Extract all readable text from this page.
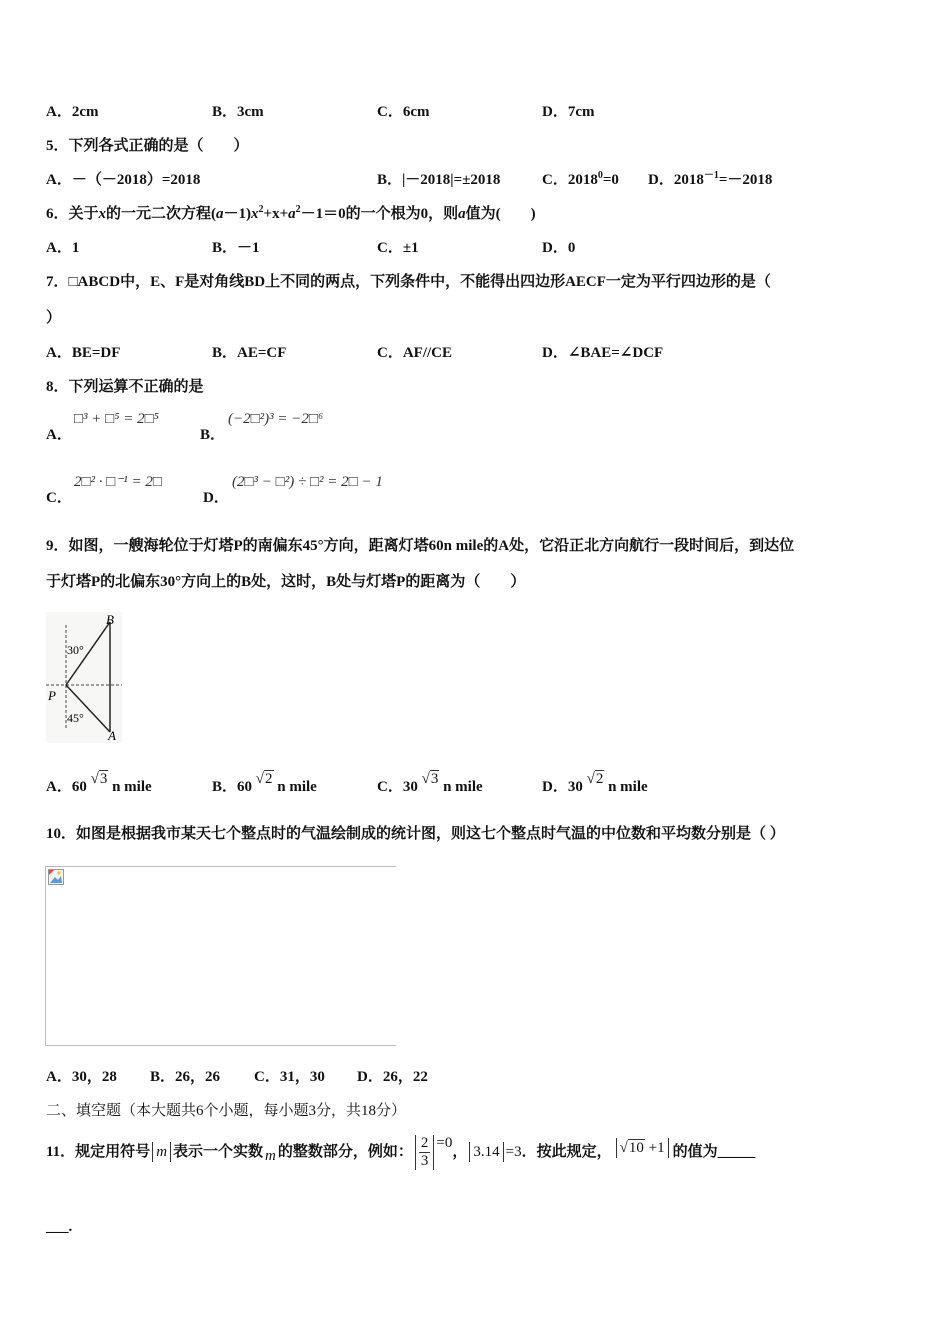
A．2cm	B．3cm	C．6cm	D．7cm
5．下列各式正确的是（　　）
A．－（－2018）=2018	B．|－2018|=±2018	C．$2018^0=0$ D．$2018^{-1}=-2018$
6．关于x的一元二次方程$(a-1)x^2+x+a^2-1=0$的一个根为0，则a值为(　　)
A．1	B．－1	C．±1	D．0
7．□ABCD中，E、F是对角线BD上不同的两点，下列条件中，不能得出四边形AECF一定为平行四边形的是（
）
A．BE=DF	B．AE=CF	C．AF//CE	D．∠BAE=∠DCF
8．下列运算不正确的是
A．
□³ + □⁵ = 2□⁵
B．
(−2□²)³ = −2□⁶
C．
2□² · □⁻¹ = 2□
D．
(2□³ − □²) ÷ □² = 2□ − 1
9．如图，一艘海轮位于灯塔P的南偏东45°方向，距离灯塔60n mile的A处，它沿正北方向航行一段时间后，到达位
于灯塔P的北偏东30°方向上的B处，这时，B处与灯塔P的距离为（　　）
B
P
A
30°
45°
A．60 √3 n mile	B．60 √2 n mile	C．30 √3 n mile	D．30 √2 n mile
10．如图是根据我市某天七个整点时的气温绘制成的统计图，则这七个整点时气温的中位数和平均数分别是（ ）
A．30，28 B．26，26 C．31，30 D．26，22
二、填空题（本大题共6个小题，每小题3分，共18分）
11．规定用符号 m 表示一个实数 m 的整数部分，例如： $\frac{2}{3} =0$
， 3.14 =3 ．按此规定， √10 +1 的值为_____
___.
